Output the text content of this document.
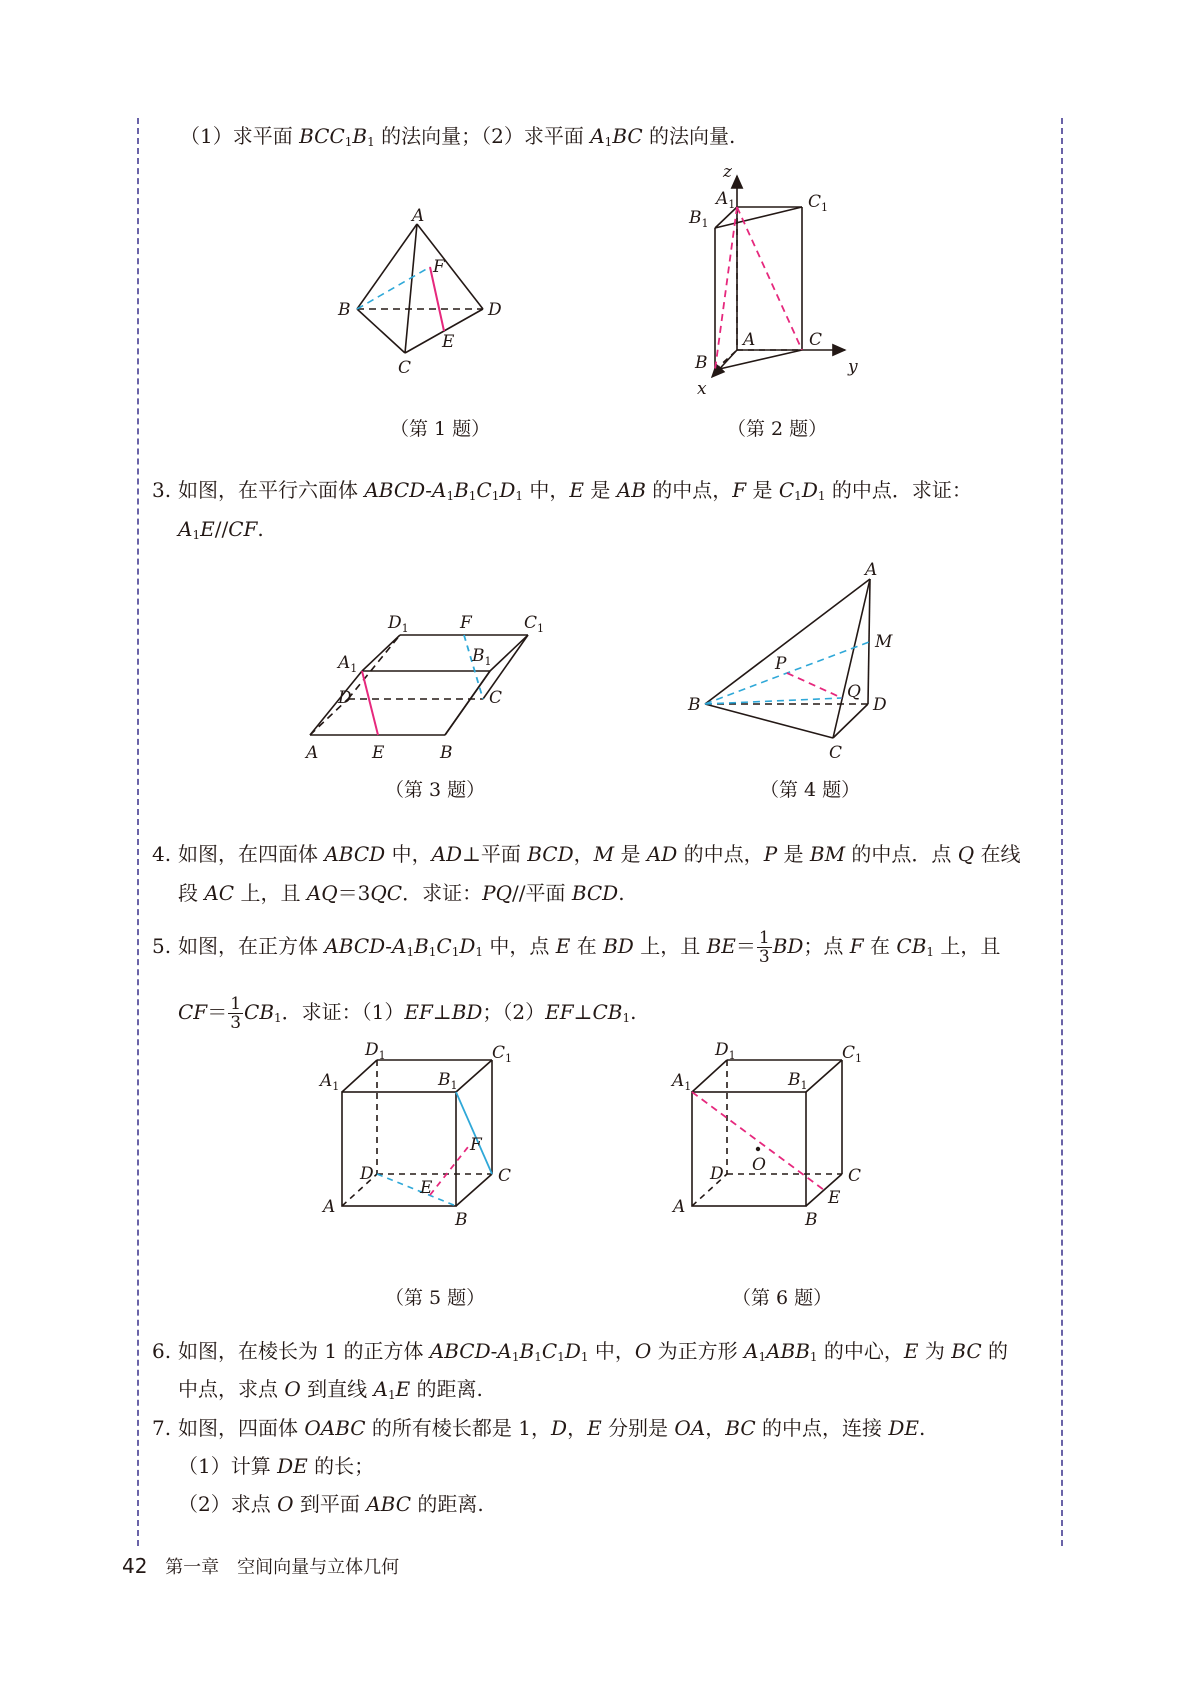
（1）求平面 $BCC_1B_1$ 的法向量；（2）求平面 $A_1BC$ 的法向量.
A
B
C
D
E
F
（第 1 题）
z
$A_1$	$C_1$
$B_1$
A	C
B	y
x
（第 2 题）
3. 如图，在平行六面体 ABCD-$A_1B_1C_1D_1$ 中，E 是 AB 的中点，F 是 $C_1D_1$ 的中点．求证：
$A_1E//CF$.
$D_1$	F	$C_1$
$A_1$
$B_1$
D	C
A	E	B
（第 3 题）
A
M
P
Q
B	D
C
（第 4 题）
4. 如图，在四面体 ABCD 中，AD⊥平面 BCD，M 是 AD 的中点，P 是 BM 的中点．点 Q 在线
段 AC 上，且 AQ＝3QC．求证：PQ//平面 BCD.
5. 如图，在正方体 ABCD-$A_1B_1C_1D_1$ 中，点 E 在 BD 上，且 $BE= \frac{1}{3}$ BD；点 F 在 $CB_1$ 上，且
$CF= \frac{1}{3} CB_1$．求证：（1）EF⊥BD；$(2)EF\perp CB_1$.
$D_1$	$C_1$
$A_1$	$B_1$
F
D	C
E
A
B
（第 5 题）
$D_1$	$C_1$
$A_1$	$B_1$
D O
C
E
A
B
（第 6 题）
6. 如图，在棱长为 1 的正方体 ABCD-$A_1B_1C_1D_1$ 中，O 为正方形 $A_1ABB_1$ 的中心，E 为 BC 的
中点，求点 O 到直线 $A_1E$ 的距离.
7. 如图，四面体 OABC 的所有棱长都是 1，D，E 分别是 OA，BC 的中点，连接 DE.
（1）计算 DE 的长；
（2）求点 O 到平面 ABC 的距离.
42 第一章　空间向量与立体几何
